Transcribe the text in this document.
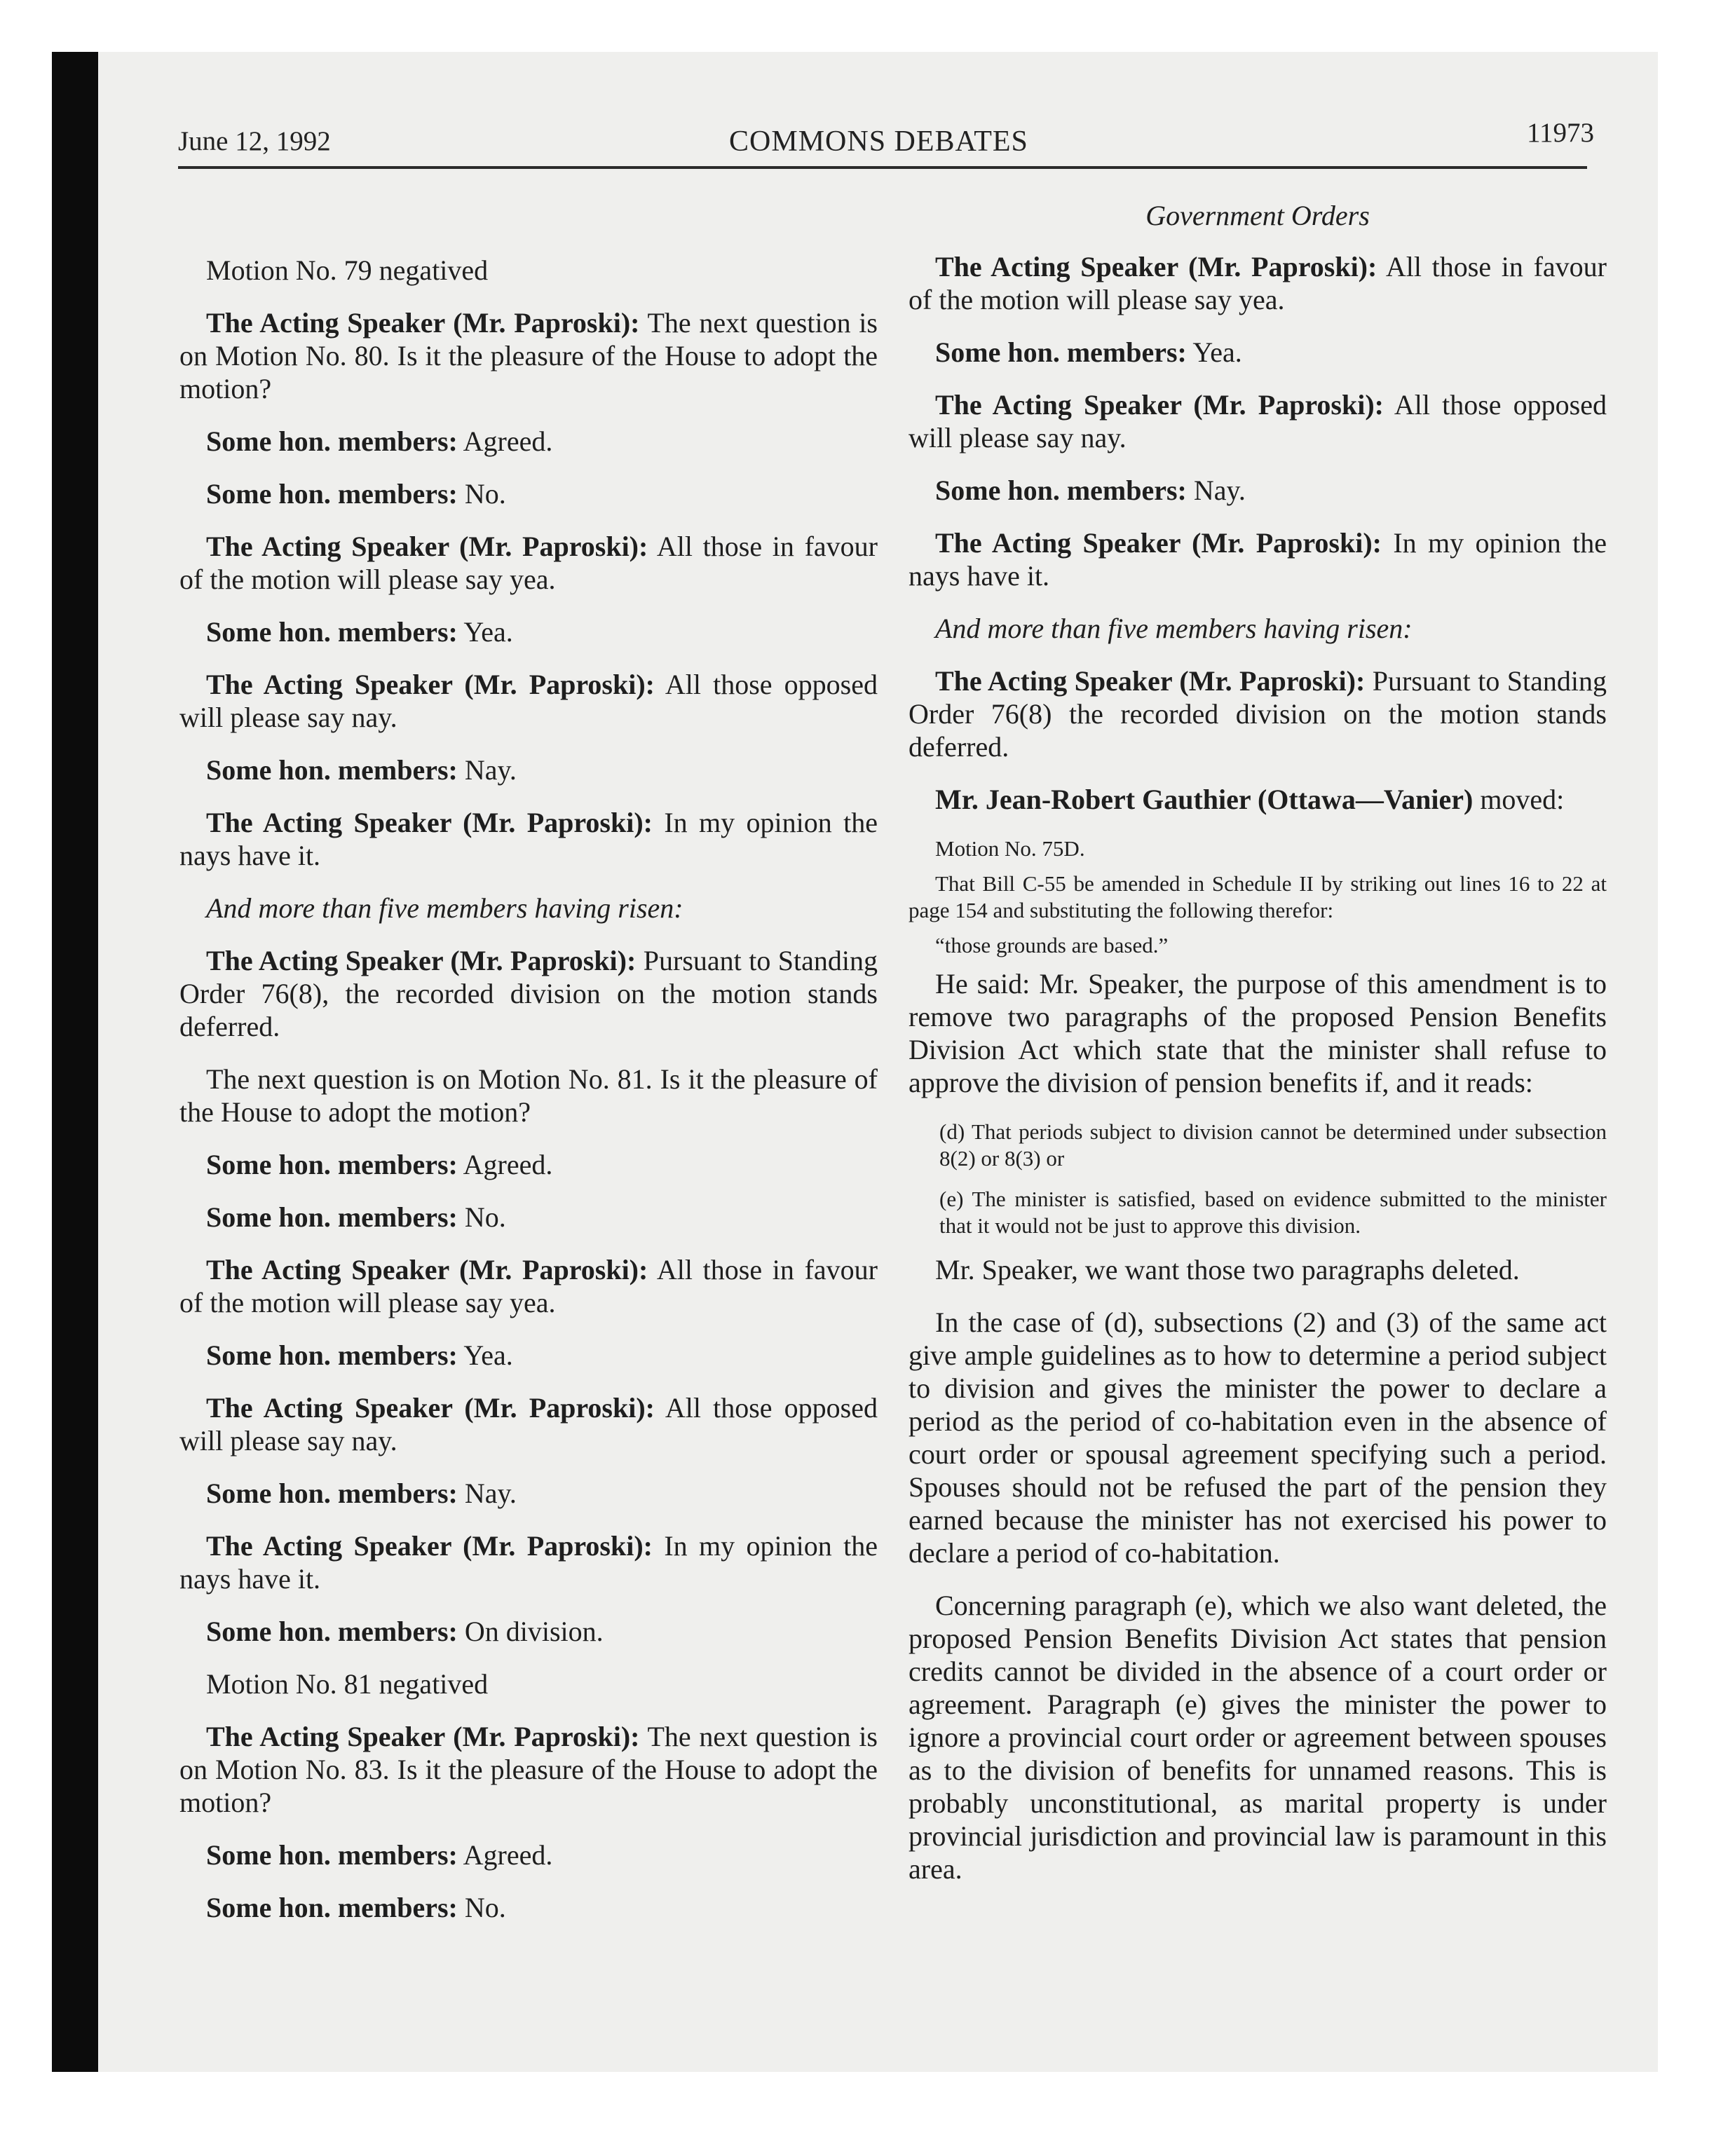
June 12, 1992	COMMONS DEBATES	11973
Motion No. 79 negatived
The Acting Speaker (Mr. Paproski): The next question is on Motion No. 80. Is it the pleasure of the House to adopt the motion?
Some hon. members: Agreed.
Some hon. members: No.
The Acting Speaker (Mr. Paproski): All those in favour of the motion will please say yea.
Some hon. members: Yea.
The Acting Speaker (Mr. Paproski): All those opposed will please say nay.
Some hon. members: Nay.
The Acting Speaker (Mr. Paproski): In my opinion the nays have it.
And more than five members having risen:
The Acting Speaker (Mr. Paproski): Pursuant to Standing Order 76(8), the recorded division on the motion stands deferred.
The next question is on Motion No. 81. Is it the pleasure of the House to adopt the motion?
Some hon. members: Agreed.
Some hon. members: No.
The Acting Speaker (Mr. Paproski): All those in favour of the motion will please say yea.
Some hon. members: Yea.
The Acting Speaker (Mr. Paproski): All those opposed will please say nay.
Some hon. members: Nay.
The Acting Speaker (Mr. Paproski): In my opinion the nays have it.
Some hon. members: On division.
Motion No. 81 negatived
The Acting Speaker (Mr. Paproski): The next question is on Motion No. 83. Is it the pleasure of the House to adopt the motion?
Some hon. members: Agreed.
Some hon. members: No.
Government Orders
The Acting Speaker (Mr. Paproski): All those in favour of the motion will please say yea.
Some hon. members: Yea.
The Acting Speaker (Mr. Paproski): All those opposed will please say nay.
Some hon. members: Nay.
The Acting Speaker (Mr. Paproski): In my opinion the nays have it.
And more than five members having risen:
The Acting Speaker (Mr. Paproski): Pursuant to Standing Order 76(8) the recorded division on the motion stands deferred.
Mr. Jean-Robert Gauthier (Ottawa—Vanier) moved:
Motion No. 75D.
That Bill C-55 be amended in Schedule II by striking out lines 16 to 22 at page 154 and substituting the following therefor:
“those grounds are based.”
He said: Mr. Speaker, the purpose of this amendment is to remove two paragraphs of the proposed Pension Benefits Division Act which state that the minister shall refuse to approve the division of pension benefits if, and it reads:
(d) That periods subject to division cannot be determined under subsection 8(2) or 8(3) or
(e) The minister is satisfied, based on evidence submitted to the minister that it would not be just to approve this division.
Mr. Speaker, we want those two paragraphs deleted.
In the case of (d), subsections (2) and (3) of the same act give ample guidelines as to how to determine a period subject to division and gives the minister the power to declare a period as the period of co-habitation even in the absence of court order or spousal agreement specifying such a period. Spouses should not be refused the part of the pension they earned because the minister has not exercised his power to declare a period of co-habitation.
Concerning paragraph (e), which we also want deleted, the proposed Pension Benefits Division Act states that pension credits cannot be divided in the absence of a court order or agreement. Paragraph (e) gives the minister the power to ignore a provincial court order or agreement between spouses as to the division of benefits for unnamed reasons. This is probably unconstitutional, as marital property is under provincial jurisdiction and provincial law is paramount in this area.
